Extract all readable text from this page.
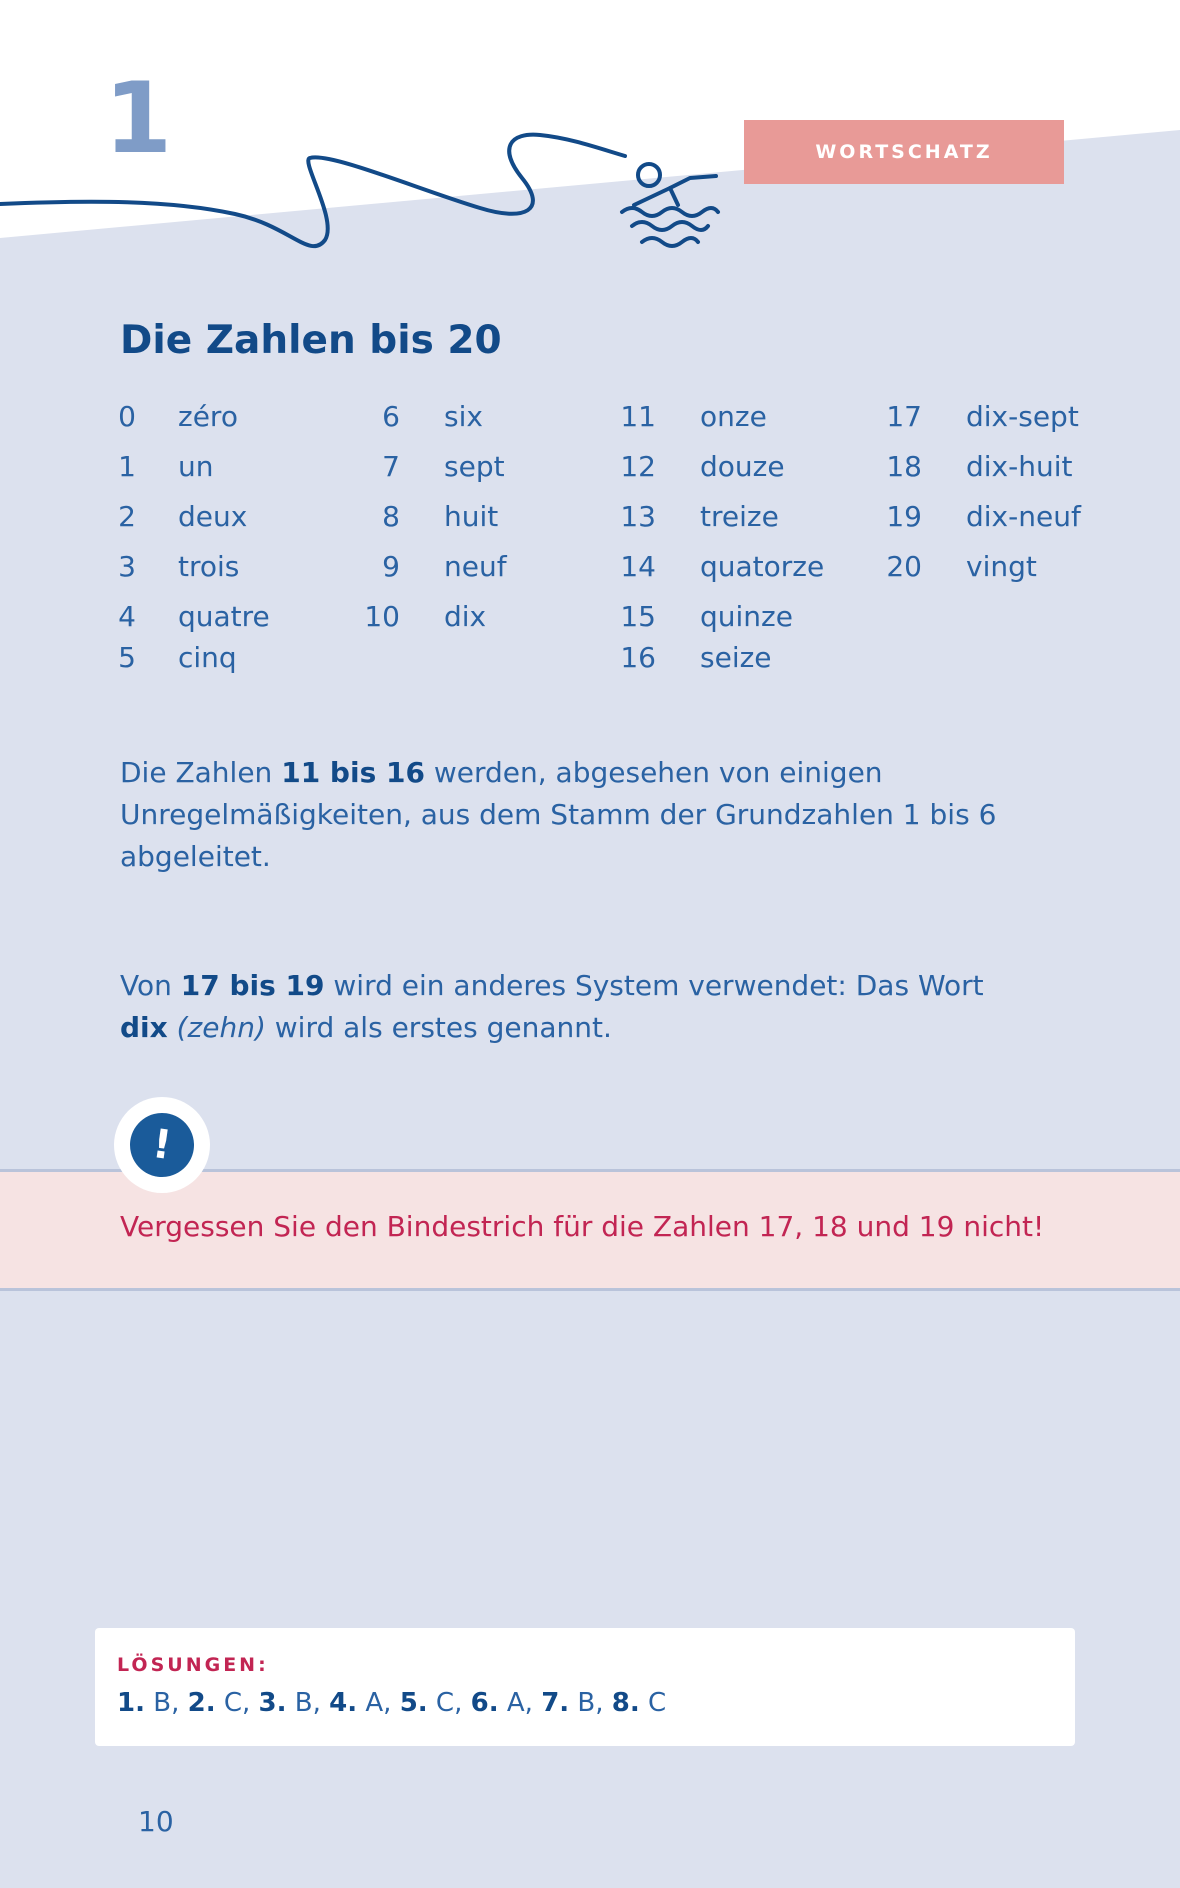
1	WORTSCHATZ
Die Zahlen bis 20
0 zéro
1 un
2 deux
3 trois
4 quatre
5 cinq
6 six
7 sept
8 huit
9 neuf
10 dix
11 onze
12 douze
13 treize
14 quatorze
15 quinze
16 seize
17 dix-sept
18 dix-huit
19 dix-neuf
20 vingt

Die Zahlen 11 bis 16 werden, abgesehen von einigen Unregelmäßigkeiten, aus dem Stamm der Grundzahlen 1 bis 6 abgeleitet.

Von 17 bis 19 wird ein anderes System verwendet: Das Wort dix (zehn) wird als erstes genannt.

!
Vergessen Sie den Bindestrich für die Zahlen 17, 18 und 19 nicht!
LÖSUNGEN:
1. B, 2. C, 3. B, 4. A, 5. C, 6. A, 7. B, 8. C
10
